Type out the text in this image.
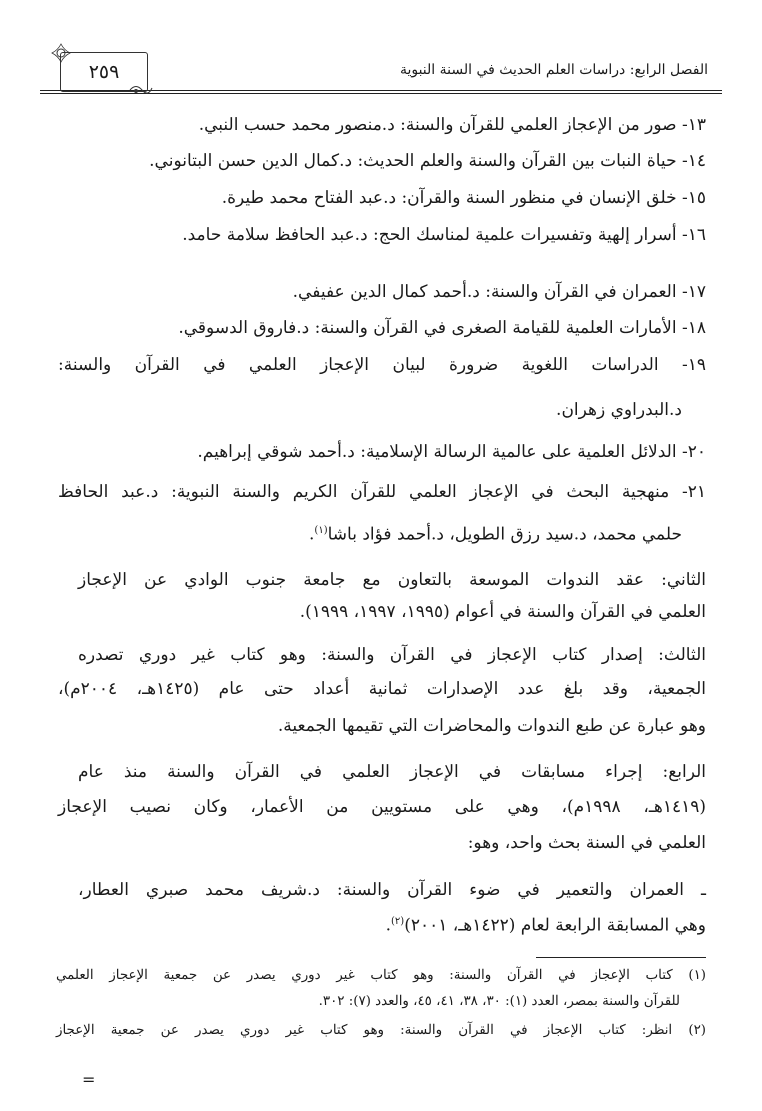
الفصل الرابع: دراسات العلم الحديث في السنة النبوية
٢٥٩
١٣- صور من الإعجاز العلمي للقرآن والسنة: د.منصور محمد حسب النبي.
١٤- حياة النبات بين القرآن والسنة والعلم الحديث: د.كمال الدين حسن البتانوني.
١٥- خلق الإنسان في منظور السنة والقرآن: د.عبد الفتاح محمد طيرة.
١٦- أسرار إلهية وتفسيرات علمية لمناسك الحج: د.عبد الحافظ سلامة حامد.
١٧- العمران في القرآن والسنة: د.أحمد كمال الدين عفيفي.
١٨- الأمارات العلمية للقيامة الصغرى في القرآن والسنة: د.فاروق الدسوقي.
١٩- الدراسات اللغوية ضرورة لبيان الإعجاز العلمي في القرآن والسنة:
د.البدراوي زهران.
٢٠- الدلائل العلمية على عالمية الرسالة الإسلامية: د.أحمد شوقي إبراهيم.
٢١- منهجية البحث في الإعجاز العلمي للقرآن الكريم والسنة النبوية: د.عبد الحافظ
حلمي محمد، د.سيد رزق الطويل، د.أحمد فؤاد باشا$^{(١)}$.
الثاني: عقد الندوات الموسعة بالتعاون مع جامعة جنوب الوادي عن الإعجاز
العلمي في القرآن والسنة في أعوام (١٩٩٥، ١٩٩٧، ١٩٩٩).
الثالث: إصدار كتاب الإعجاز في القرآن والسنة: وهو كتاب غير دوري تصدره
الجمعية، وقد بلغ عدد الإصدارات ثمانية أعداد حتى عام (١٤٢٥هـ، ٢٠٠٤م)،
وهو عبارة عن طبع الندوات والمحاضرات التي تقيمها الجمعية.
الرابع: إجراء مسابقات في الإعجاز العلمي في القرآن والسنة منذ عام
(١٤١٩هـ، ١٩٩٨م)، وهي على مستويين من الأعمار، وكان نصيب الإعجاز
العلمي في السنة بحث واحد، وهو:
ـ العمران والتعمير في ضوء القرآن والسنة: د.شريف محمد صبري العطار،
وهي المسابقة الرابعة لعام (١٤٢٢هـ، ٢٠٠١)$^{(٢)}$.
(١) كتاب الإعجاز في القرآن والسنة: وهو كتاب غير دوري يصدر عن جمعية الإعجاز العلمي
للقرآن والسنة بمصر، العدد (١): ٣٠، ٣٨، ٤١، ٤٥، والعدد (٧): ٣٠٢.
(٢) انظر: كتاب الإعجاز في القرآن والسنة: وهو كتاب غير دوري يصدر عن جمعية الإعجاز
=
